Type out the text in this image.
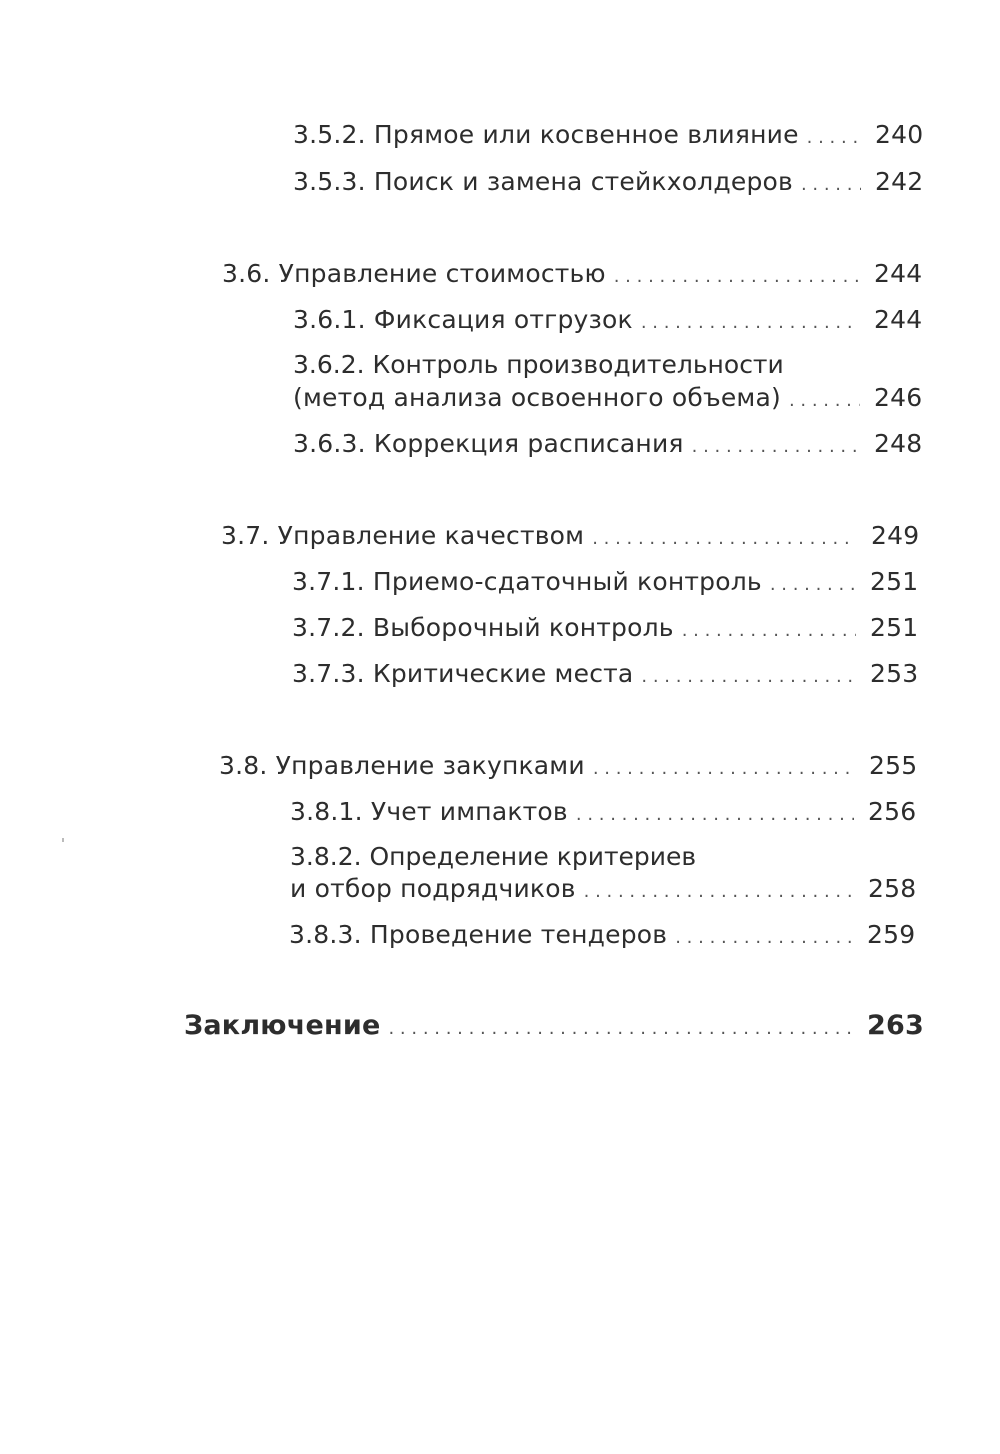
3.5.2. Прямое или косвенное влияние . . .	240
3.5.3. Поиск и замена стейкхолдеров . . .	242
3.6. Управление стоимостью . . .	244
3.6.1. Фиксация отгрузок . . .	244
3.6.2. Контроль производительности
(метод анализа освоенного объема) . . .	246
3.6.3. Коррекция расписания . . .	248
3.7. Управление качеством . . .	249
3.7.1. Приемо-сдаточный контроль . . .	251
3.7.2. Выборочный контроль . . .	251
3.7.3. Критические места . . .	253
3.8. Управление закупками . . .	255
3.8.1. Учет импактов . . .	256
3.8.2. Определение критериев
и отбор подрядчиков . . .	258
3.8.3. Проведение тендеров . . .	259
Заключение . . .	263
